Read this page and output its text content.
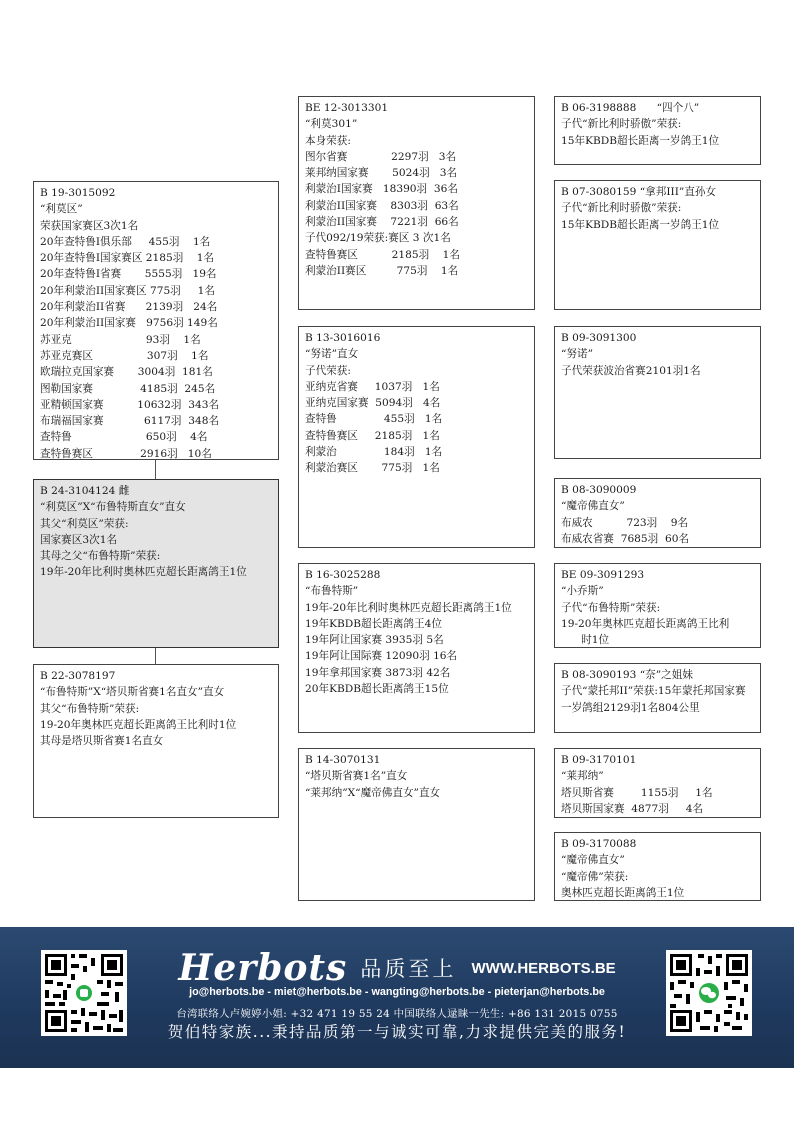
B 19-3015092
“利莫区”
荣获国家赛区3次1名
20年查特鲁Ⅰ俱乐部     455羽    1名
20年查特鲁Ⅰ国家赛区 2185羽    1名
20年查特鲁Ⅰ省赛       5555羽   19名
20年利蒙治II国家赛区 775羽     1名
20年利蒙治II省赛      2139羽   24名
20年利蒙治II国家赛   9756羽 149名
苏亚克                      93羽    1名
苏亚克赛区                307羽    1名
欧瑞拉克国家赛       3004羽  181名
图勒国家赛              4185羽  245名
亚精顿国家赛          10632羽  343名
布瑞福国家赛            6117羽  348名
查特鲁                      650羽    4名
查特鲁赛区              2916羽   10名
B 24-3104124 雌
“利莫区”X“布鲁特斯直女”直女
其父“利莫区”荣获:
国家赛区3次1名
其母之父“布鲁特斯”荣获:
19年-20年比利时奥林匹克超长距离鸽王1位
B 22-3078197
“布鲁特斯”X“塔贝斯省赛1名直女”直女
其父“布鲁特斯”荣获:
19-20年奥林匹克超长距离鸽王比利时1位
其母是塔贝斯省赛1名直女
BE 12-3013301
“利莫301”
本身荣获:
图尔省赛             2297羽   3名
莱邦纳国家赛       5024羽   3名
利蒙治Ⅰ国家赛   18390羽  36名
利蒙治II国家赛    8303羽  63名
利蒙治II国家赛    7221羽  66名
子代092/19荣获:赛区 3 次1名
查特鲁赛区          2185羽    1名
利蒙治II赛区         775羽    1名
B 13-3016016
“努诺”直女
子代荣获:
亚纳克省赛     1037羽   1名
亚纳克国家赛  5094羽   4名
查特鲁              455羽   1名
查特鲁赛区     2185羽   1名
利蒙治              184羽   1名
利蒙治赛区       775羽   1名
B 16-3025288
“布鲁特斯”
19年-20年比利时奥林匹克超长距离鸽王1位
19年KBDB超长距离鸽王4位
19年阿让国家赛 3935羽 5名
19年阿让国际赛 12090羽 16名
19年拿邦国家赛 3873羽 42名
20年KBDB超长距离鸽王15位
B 14-3070131
“塔贝斯省赛1名”直女
“莱邦纳”X“魔帝佛直女”直女
B 06-3198888      “四个八”
子代“新比利时骄傲”荣获:
15年KBDB超长距离一岁鸽王1位
B 07-3080159 “拿邦III”直孙女
子代“新比利时骄傲”荣获:
15年KBDB超长距离一岁鸽王1位
B 09-3091300
“努诺”
子代荣获波治省赛2101羽1名
B 08-3090009
“魔帝佛直女”
布威农          723羽    9名
布威农省赛  7685羽  60名
BE 09-3091293
“小乔斯”
子代“布鲁特斯”荣获:
19-20年奥林匹克超长距离鸽王比利
时1位
B 08-3090193 “奈”之姐妹
子代“蒙托邦II”荣获:15年蒙托邦国家赛一岁鸽组2129羽1名804公里
B 09-3170101
“莱邦纳”
塔贝斯省赛        1155羽     1名
塔贝斯国家赛  4877羽     4名
B 09-3170088
“魔帝佛直女”
“魔帝佛”荣获:
奥林匹克超长距离鸽王1位
Herbots 品质至上 WWW.HERBOTS.BE
jo@herbots.be - miet@herbots.be - wangting@herbots.be - pieterjan@herbots.be
台湾联络人卢婉婷小姐: +32 471 19 55 24 中国联络人逯睐一先生: +86 131 2015 0755
贺伯特家族...秉持品质第一与诚实可靠,力求提供完美的服务!
